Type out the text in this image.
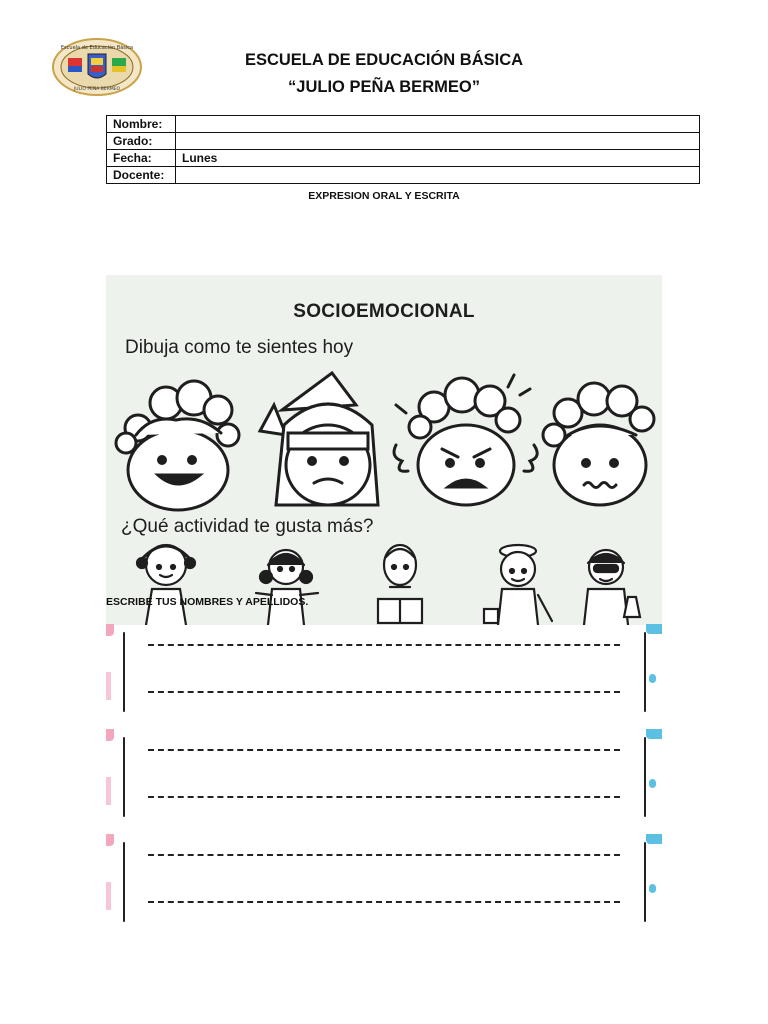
Escuela de Educación Básica
JULIO PEÑA BERMEO
ESCUELA DE EDUCACIÓN BÁSICA
“JULIO PEÑA BERMEO”
Nombre:	
Grado:	
Fecha:	Lunes
Docente:	
EXPRESION ORAL Y ESCRITA
SOCIOEMOCIONAL
Dibuja como te sientes hoy
¿Qué actividad te gusta más?
ESCRIBE TUS NOMBRES Y APELLIDOS.
